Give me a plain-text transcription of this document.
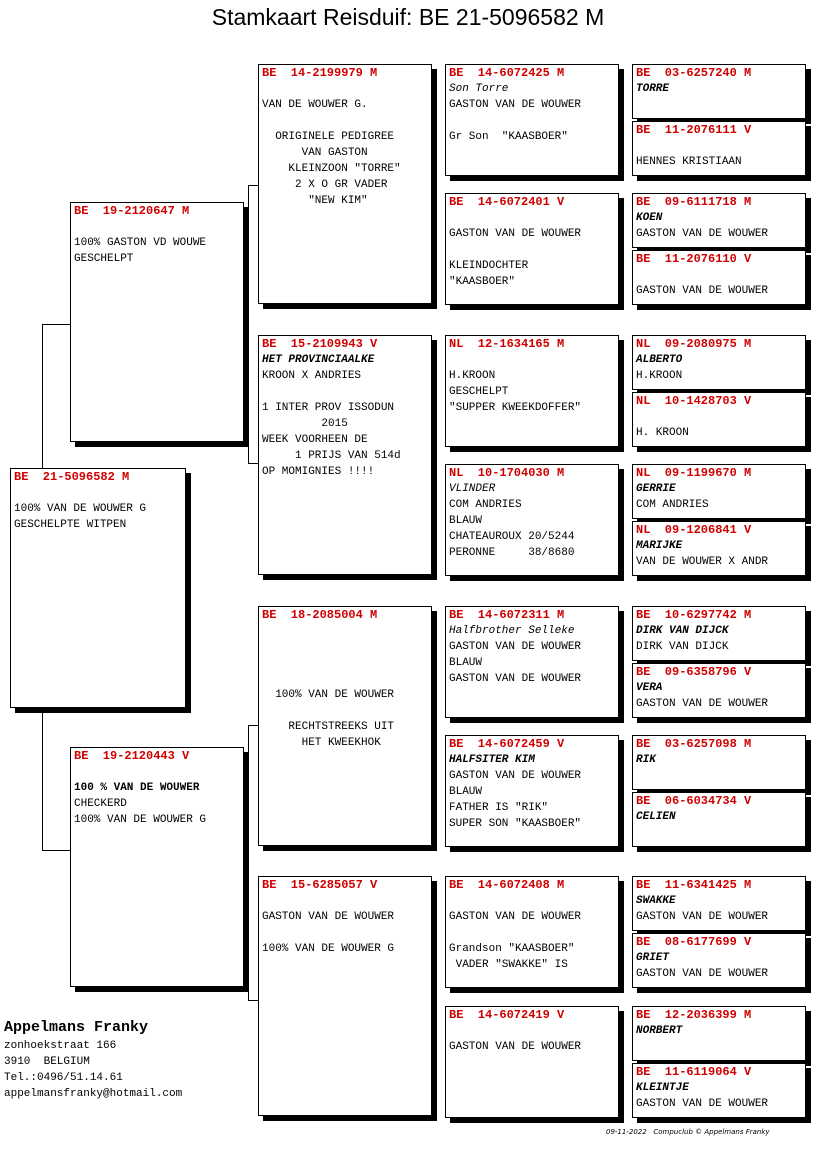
Stamkaart Reisduif: BE 21-5096582 M
BE  21-5096582 M
100% VAN DE WOUWER G
GESCHELPTE WITPEN
BE  19-2120647 M
100% GASTON VD WOUWE
GESCHELPT
BE  19-2120443 V
100 % VAN DE WOUWER
CHECKERD
100% VAN DE WOUWER G
BE  14-2199979 M
VAN DE WOUWER G.
ORIGINELE PEDIGREE
VAN GASTON
KLEINZOON "TORRE"
2 X O GR VADER
"NEW KIM"
BE  15-2109943 V
HET PROVINCIAALKE
KROON X ANDRIES
1 INTER PROV ISSODUN
2015
WEEK VOORHEEN DE
1 PRIJS VAN 514d
OP MOMIGNIES !!!!
BE  18-2085004 M
100% VAN DE WOUWER
RECHTSTREEKS UIT
HET KWEEKHOK
BE  15-6285057 V
GASTON VAN DE WOUWER
100% VAN DE WOUWER G
BE  14-6072425 M
Son Torre
GASTON VAN DE WOUWER
Gr Son  "KAASBOER"
BE  14-6072401 V
GASTON VAN DE WOUWER
KLEINDOCHTER
"KAASBOER"
NL  12-1634165 M
H.KROON
GESCHELPT
"SUPPER KWEEKDOFFER"
NL  10-1704030 M
VLINDER
COM ANDRIES
BLAUW
CHATEAUROUX 20/5244
PERONNE     38/8680
BE  14-6072311 M
Halfbrother Selleke
GASTON VAN DE WOUWER
BLAUW
GASTON VAN DE WOUWER
BE  14-6072459 V
HALFSITER KIM
GASTON VAN DE WOUWER
BLAUW
FATHER IS "RIK"
SUPER SON "KAASBOER"
BE  14-6072408 M
GASTON VAN DE WOUWER
Grandson "KAASBOER"
VADER "SWAKKE" IS
BE  14-6072419 V
GASTON VAN DE WOUWER
BE  03-6257240 M
TORRE
BE  11-2076111 V
HENNES KRISTIAAN
BE  09-6111718 M
KOEN
GASTON VAN DE WOUWER
BE  11-2076110 V
GASTON VAN DE WOUWER
NL  09-2080975 M
ALBERTO
H.KROON
NL  10-1428703 V
H. KROON
NL  09-1199670 M
GERRIE
COM ANDRIES
NL  09-1206841 V
MARIJKE
VAN DE WOUWER X ANDR
BE  10-6297742 M
DIRK VAN DIJCK
DIRK VAN DIJCK
BE  09-6358796 V
VERA
GASTON VAN DE WOUWER
BE  03-6257098 M
RIK
BE  06-6034734 V
CELIEN
BE  11-6341425 M
SWAKKE
GASTON VAN DE WOUWER
BE  08-6177699 V
GRIET
GASTON VAN DE WOUWER
BE  12-2036399 M
NORBERT
BE  11-6119064 V
KLEINTJE
GASTON VAN DE WOUWER
Appelmans Franky
zonhoekstraat 166
3910  BELGIUM
Tel.:0496/51.14.61
appelmansfranky@hotmail.com
09-11-2022   Compuclub © Appelmans Franky
